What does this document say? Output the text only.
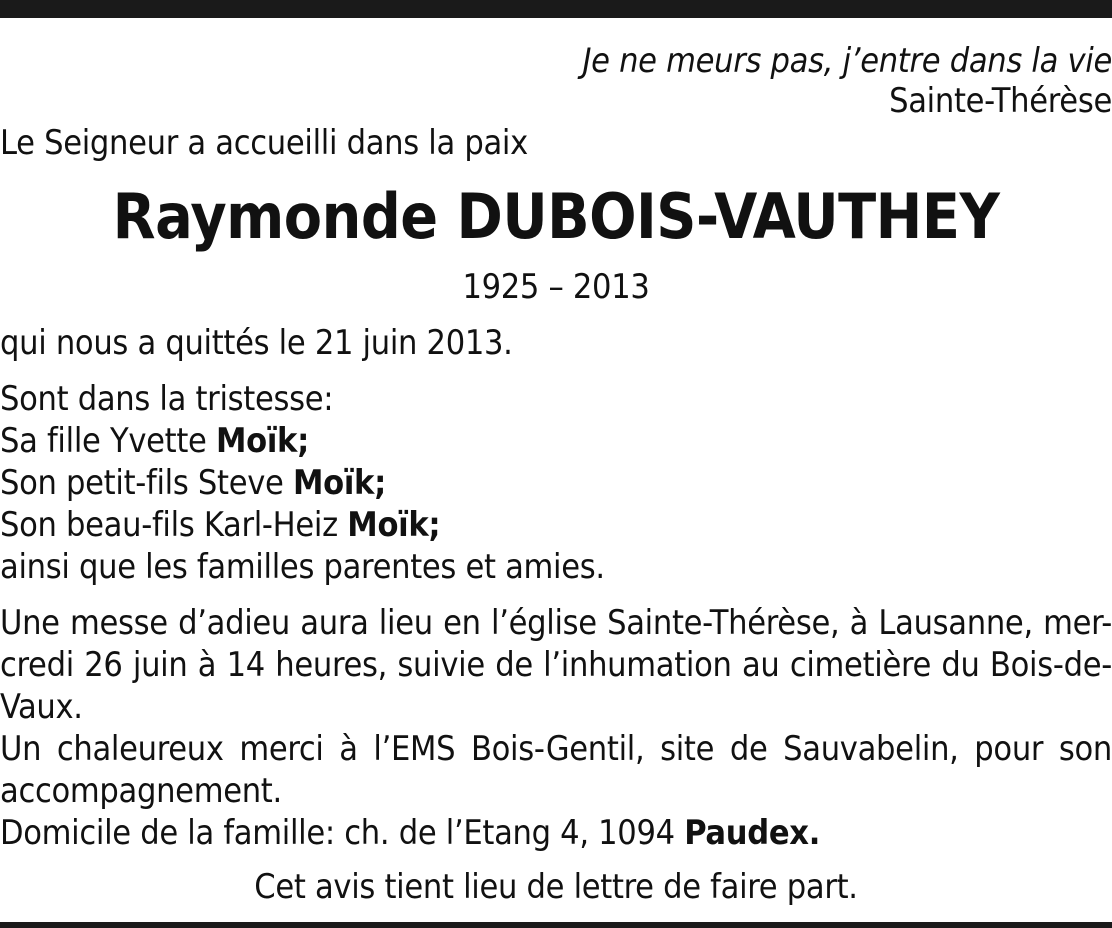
Je ne meurs pas, j’entre dans la vie
Sainte-Thérèse
Le Seigneur a accueilli dans la paix
Raymonde DUBOIS-VAUTHEY
1925 – 2013
qui nous a quittés le 21 juin 2013.
Sont dans la tristesse:
Sa fille Yvette Moïk;
Son petit-fils Steve Moïk;
Son beau-fils Karl-Heiz Moïk;
ainsi que les familles parentes et amies.
Une messe d’adieu aura lieu en l’église Sainte-Thérèse, à Lausanne, mer-
credi 26 juin à 14 heures, suivie de l’inhumation au cimetière du Bois-de-
Vaux.
Un chaleureux merci à l’EMS Bois-Gentil, site de Sauvabelin, pour son
accompagnement.
Domicile de la famille: ch. de l’Etang 4, 1094 Paudex.
Cet avis tient lieu de lettre de faire part.
